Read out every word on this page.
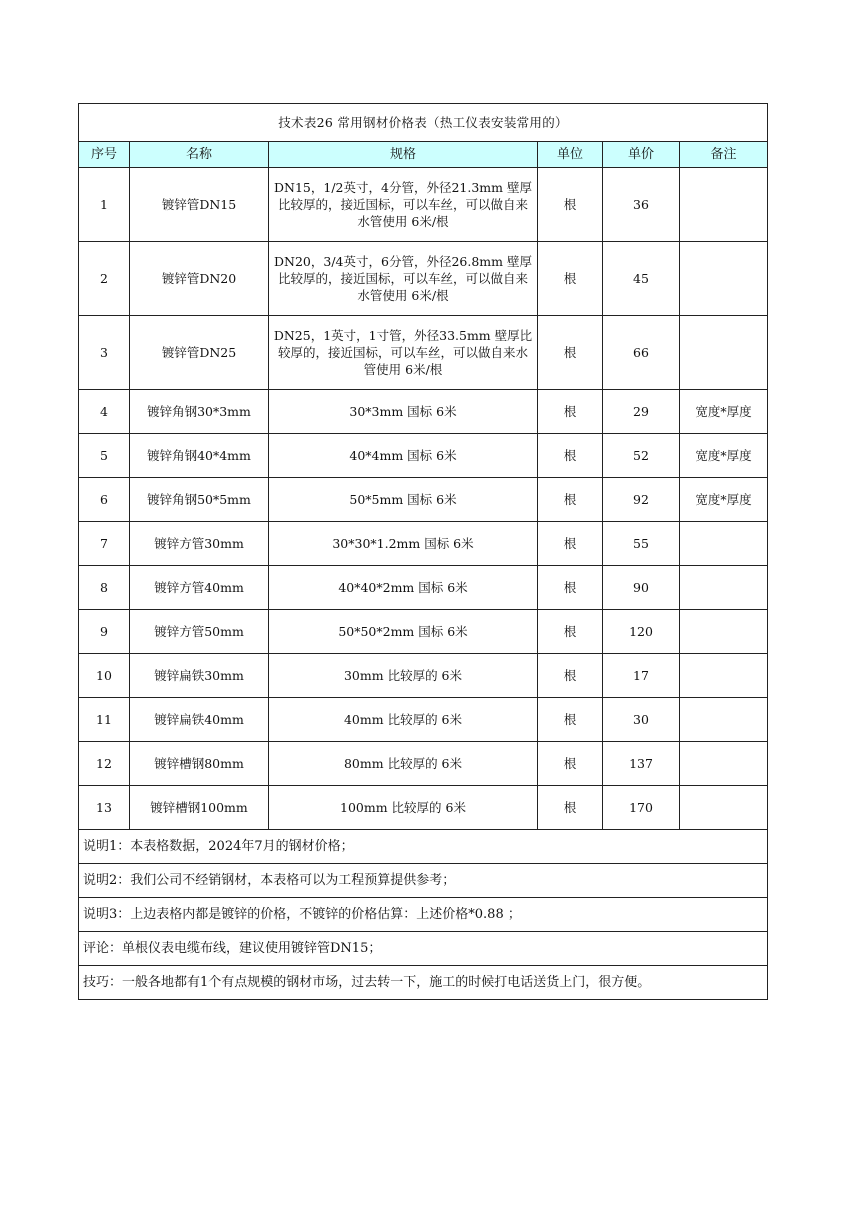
技术表26 常用钢材价格表（热工仪表安装常用的）					
序号	名称	规格	单位	单价	备注
1	镀锌管DN15	DN15，1/2英寸，4分管，外径21.3mm 壁厚比较厚的，接近国标，可以车丝，可以做自来水管使用 6米/根	根	36	
2	镀锌管DN20	DN20，3/4英寸，6分管，外径26.8mm 壁厚比较厚的，接近国标，可以车丝，可以做自来水管使用 6米/根	根	45	
3	镀锌管DN25	DN25，1英寸，1寸管，外径33.5mm 壁厚比较厚的，接近国标，可以车丝，可以做自来水管使用 6米/根	根	66	
4	镀锌角钢30*3mm	30*3mm 国标 6米	根	29	宽度*厚度
5	镀锌角钢40*4mm	40*4mm 国标 6米	根	52	宽度*厚度
6	镀锌角钢50*5mm	50*5mm 国标 6米	根	92	宽度*厚度
7	镀锌方管30mm	30*30*1.2mm 国标 6米	根	55	
8	镀锌方管40mm	40*40*2mm 国标 6米	根	90	
9	镀锌方管50mm	50*50*2mm 国标 6米	根	120	
10	镀锌扁铁30mm	30mm 比较厚的 6米	根	17	
11	镀锌扁铁40mm	40mm 比较厚的 6米	根	30	
12	镀锌槽钢80mm	80mm 比较厚的 6米	根	137	
13	镀锌槽钢100mm	100mm 比较厚的 6米	根	170	
说明1：本表格数据，2024年7月的钢材价格；					
说明2：我们公司不经销钢材，本表格可以为工程预算提供参考；					
说明3：上边表格内都是镀锌的价格，不镀锌的价格估算：上述价格*0.88 ；					
评论：单根仪表电缆布线，建议使用镀锌管DN15；					
技巧：一般各地都有1个有点规模的钢材市场，过去转一下，施工的时候打电话送货上门，很方便。					
